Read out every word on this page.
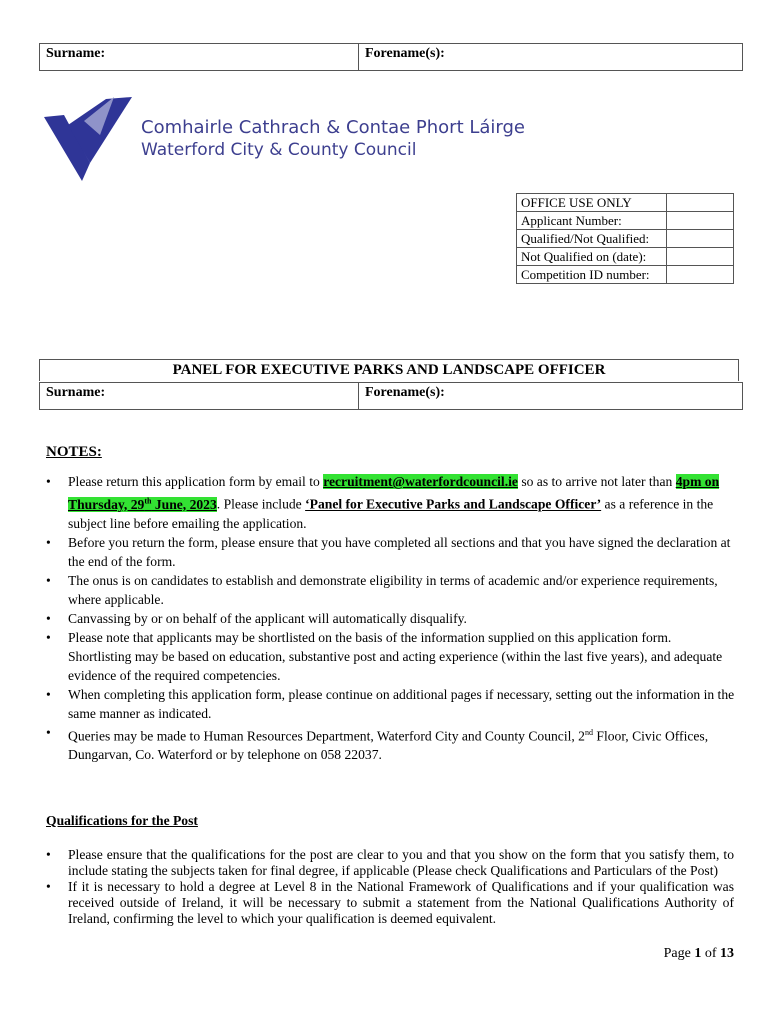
Surname:	Forename(s):
Comhairle Cathrach & Contae Phort Láirge
Waterford City & County Council
OFFICE USE ONLY	
Applicant Number:	
Qualified/Not Qualified:	
Not Qualified on (date):	
Competition ID number:	
PANEL FOR EXECUTIVE PARKS AND LANDSCAPE OFFICER
Surname:	Forename(s):
NOTES:
• Please return this application form by email to recruitment@waterfordcouncil.ie so as to arrive not later than 4pm on Thursday, 29th June, 2023. Please include ‘Panel for Executive Parks and Landscape Officer’ as a reference in the subject line before emailing the application.
• Before you return the form, please ensure that you have completed all sections and that you have signed the declaration at the end of the form.
• The onus is on candidates to establish and demonstrate eligibility in terms of academic and/or experience requirements, where applicable.
• Canvassing by or on behalf of the applicant will automatically disqualify.
• Please note that applicants may be shortlisted on the basis of the information supplied on this application form. Shortlisting may be based on education, substantive post and acting experience (within the last five years), and adequate evidence of the required competencies.
• When completing this application form, please continue on additional pages if necessary, setting out the information in the same manner as indicated.
• Queries may be made to Human Resources Department, Waterford City and County Council, 2nd Floor, Civic Offices, Dungarvan, Co. Waterford or by telephone on 058 22037.
Qualifications for the Post
• Please ensure that the qualifications for the post are clear to you and that you show on the form that you satisfy them, to include stating the subjects taken for final degree, if applicable (Please check Qualifications and Particulars of the Post)
• If it is necessary to hold a degree at Level 8 in the National Framework of Qualifications and if your qualification was received outside of Ireland, it will be necessary to submit a statement from the National Qualifications Authority of Ireland, confirming the level to which your qualification is deemed equivalent.
Page 1 of 13
